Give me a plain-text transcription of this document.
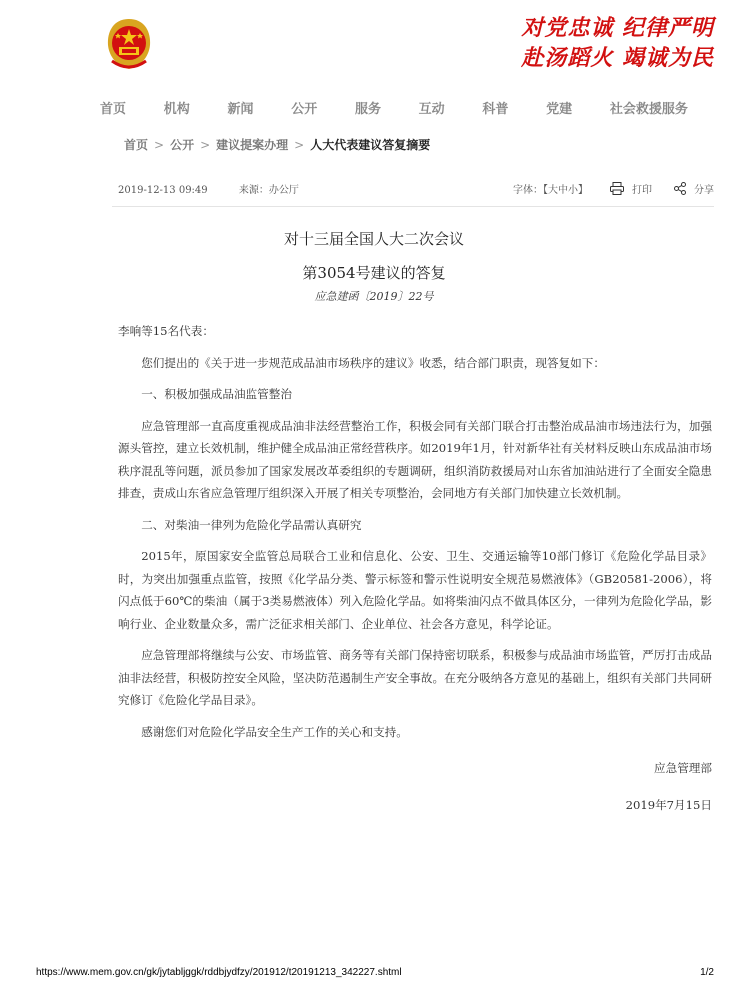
对党忠诚 纪律严明
赴汤蹈火 竭诚为民
首页	机构	新闻	公开	服务	互动	科普	党建	社会救援服务
首页 > 公开 > 建议提案办理 > 人大代表建议答复摘要
2019-12-13 09:49	来源：办公厅	字体：【大中小】	打印	分享
对十三届全国人大二次会议
第3054号建议的答复
应急建函〔2019〕22号

李响等15名代表：

您们提出的《关于进一步规范成品油市场秩序的建议》收悉，结合部门职责，现答复如下：

一、积极加强成品油监管整治

应急管理部一直高度重视成品油非法经营整治工作，积极会同有关部门联合打击整治成品油市场违法行为，加强源头管控，建立长效机制，维护健全成品油正常经营秩序。如2019年1月，针对新华社有关材料反映山东成品油市场秩序混乱等问题，派员参加了国家发展改革委组织的专题调研，组织消防救援局对山东省加油站进行了全面安全隐患排查，责成山东省应急管理厅组织深入开展了相关专项整治，会同地方有关部门加快建立长效机制。

二、对柴油一律列为危险化学品需认真研究

2015年，原国家安全监管总局联合工业和信息化、公安、卫生、交通运输等10部门修订《危险化学品目录》时，为突出加强重点监管，按照《化学品分类、警示标签和警示性说明安全规范易燃液体》（GB20581-2006），将闪点低于60℃的柴油（属于3类易燃液体）列入危险化学品。如将柴油闪点不做具体区分，一律列为危险化学品，影响行业、企业数量众多，需广泛征求相关部门、企业单位、社会各方意见，科学论证。

应急管理部将继续与公安、市场监管、商务等有关部门保持密切联系，积极参与成品油市场监管，严厉打击成品油非法经营，积极防控安全风险，坚决防范遏制生产安全事故。在充分吸纳各方意见的基础上，组织有关部门共同研究修订《危险化学品目录》。

感谢您们对危险化学品安全生产工作的关心和支持。

应急管理部

2019年7月15日

https://www.mem.gov.cn/gk/jytabljggk/rddbjydfzy/201912/t20191213_342227.shtml	1/2
